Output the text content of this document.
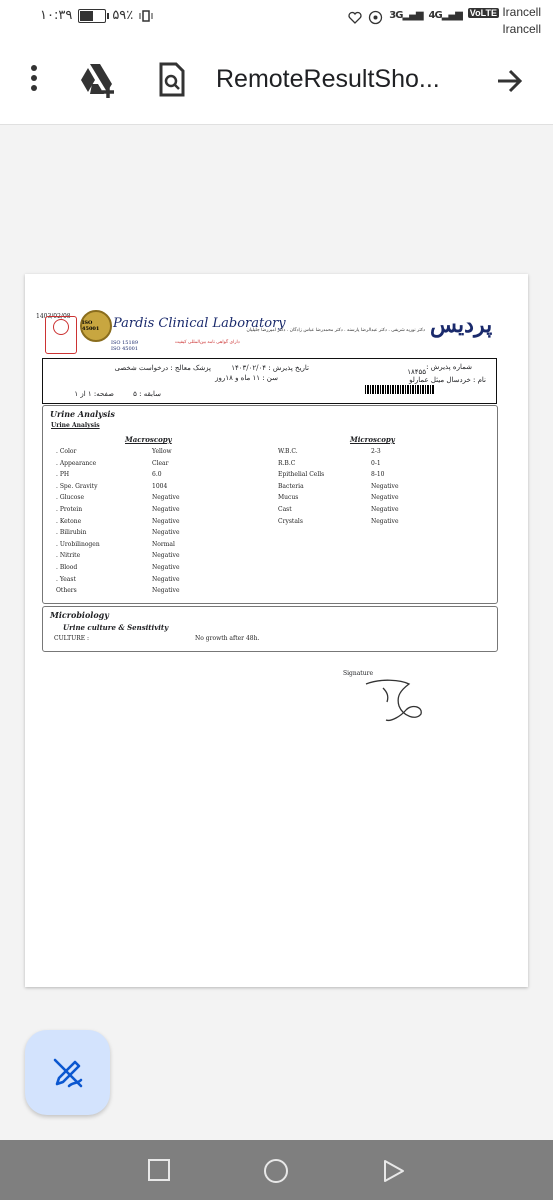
۱۰:۳۹	۵۹٪	3G▂▄▆ 4G▂▄▆ VoLTE Irancell
Irancell
RemoteResultSho...
1403/02/08
ISO 45001	Pardis Clinical Laboratory
ISO 15189
ISO 45001
دکتر نوریه شریفی . دکتر عبدالرضا پارسنه . دکتر محمدرضا عباس زادگان . دکتر امیررضا جلیلیان
دارای گواهی نامه بین‌المللی کیفیت
پردیس
شماره پذیرش :
۱۸۴۵۵
نام : خردسال میثل عمارلو
تاریخ پذیرش : ۱۴۰۳/۰۲/۰۴
پزشک معالج : درخواست شخصی
سن : ۱۱ ماه و ۱۸روز
سابقه : ۵
صفحه: ۱ از ۱
Urine Analysis
Urine Analysis
Macroscopy	Microscopy
. Color	Yellow
. Appearance	Clear
. PH	6.0
. Spe. Gravity	1004
. Glucose	Negative
. Protein	Negative
. Ketone	Negative
. Bilirubin	Negative
. Urobilinogen	Normal
. Nitrite	Negative
. Blood	Negative
. Yeast	Negative
Others	Negative
W.B.C.	2-3
R.B.C	0-1
Epithelial Cells	8-10
Bacteria	Negative
Mucus	Negative
Cast	Negative
Crystals	Negative
Microbiology
Urine culture & Sensitivity
CULTURE :	No growth after 48h.
Signature
